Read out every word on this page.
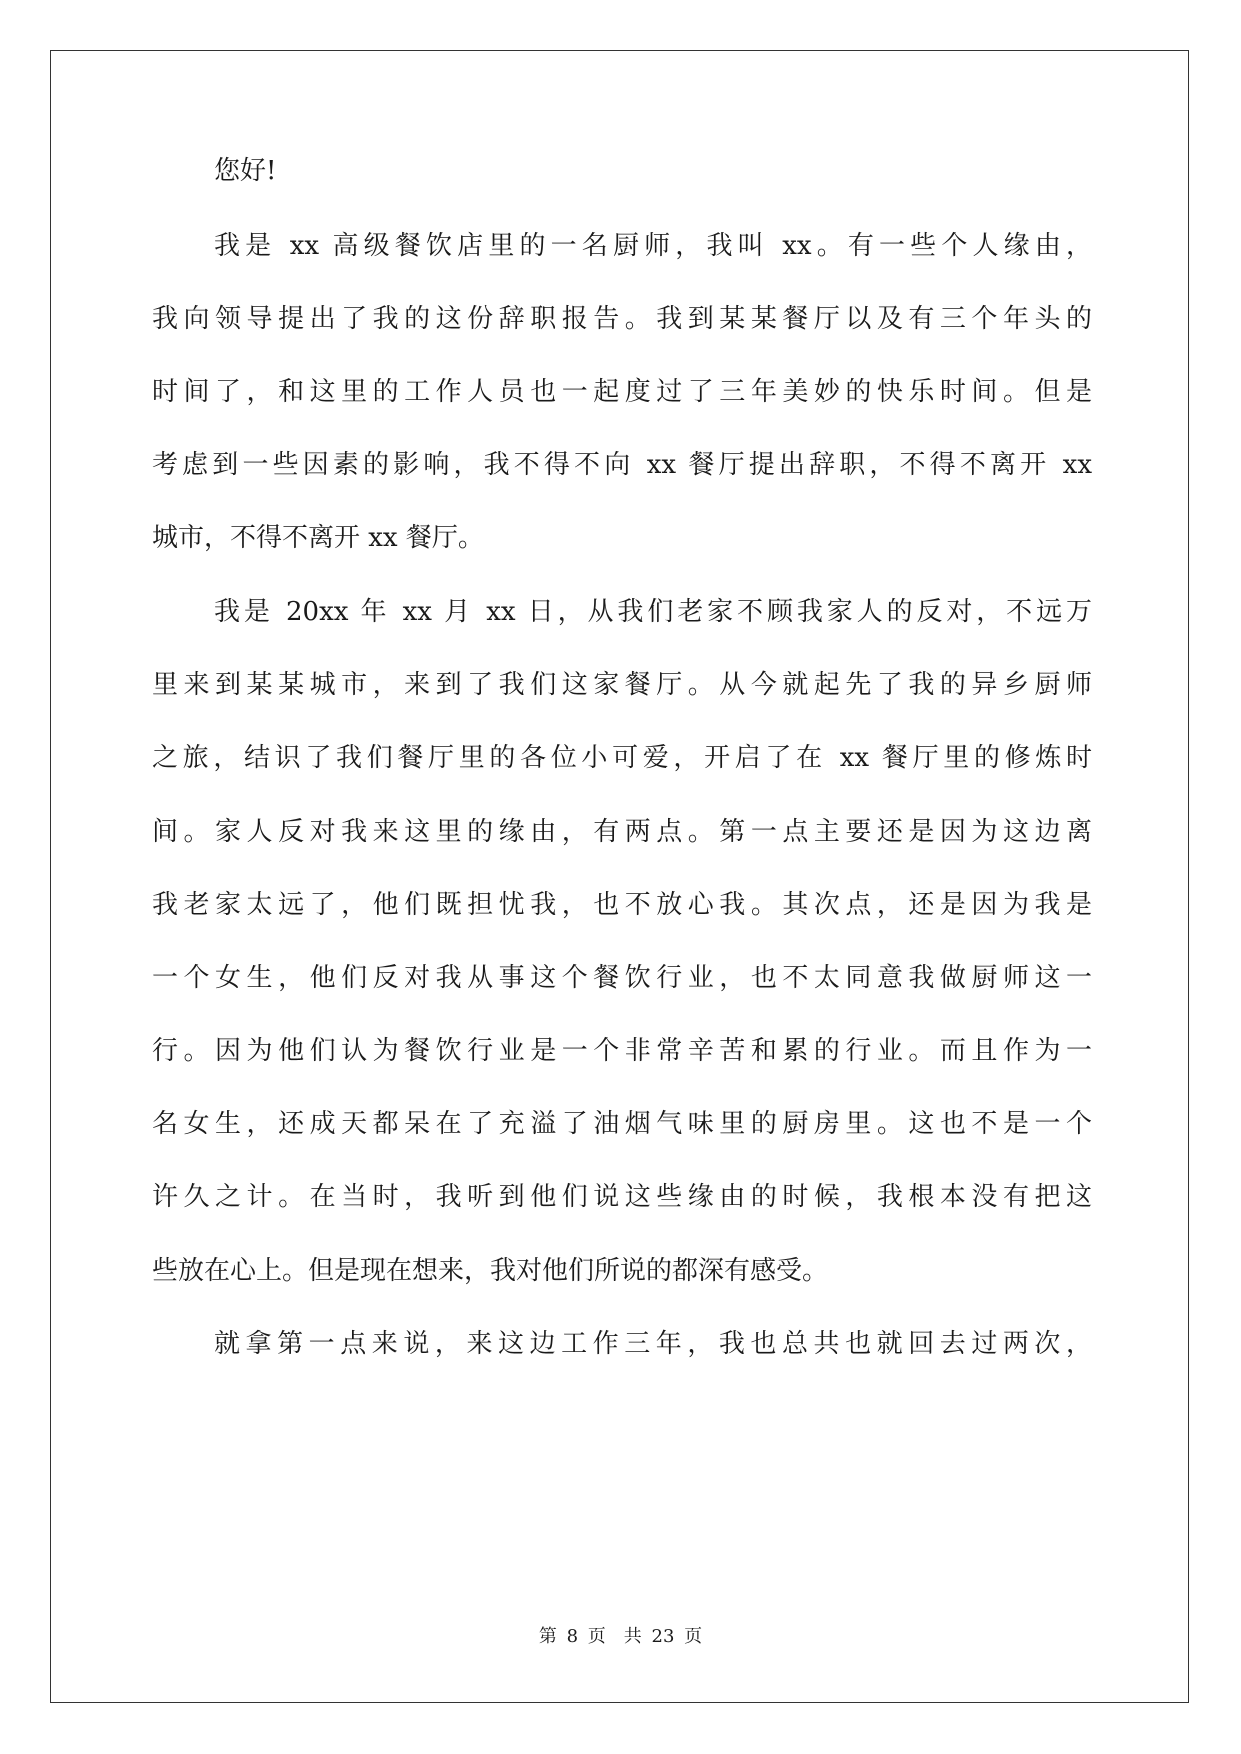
您好!

我是 xx 高级餐饮店里的一名厨师，我叫 xx。有一些个人缘由，

我向领导提出了我的这份辞职报告。我到某某餐厅以及有三个年头的

时间了，和这里的工作人员也一起度过了三年美妙的快乐时间。但是

考虑到一些因素的影响，我不得不向 xx 餐厅提出辞职，不得不离开 xx

城市，不得不离开 xx 餐厅。

我是 20xx 年 xx 月 xx 日，从我们老家不顾我家人的反对，不远万

里来到某某城市，来到了我们这家餐厅。从今就起先了我的异乡厨师

之旅，结识了我们餐厅里的各位小可爱，开启了在 xx 餐厅里的修炼时

间。家人反对我来这里的缘由，有两点。第一点主要还是因为这边离

我老家太远了，他们既担忧我，也不放心我。其次点，还是因为我是

一个女生，他们反对我从事这个餐饮行业，也不太同意我做厨师这一

行。因为他们认为餐饮行业是一个非常辛苦和累的行业。而且作为一

名女生，还成天都呆在了充溢了油烟气味里的厨房里。这也不是一个

许久之计。在当时，我听到他们说这些缘由的时候，我根本没有把这

些放在心上。但是现在想来，我对他们所说的都深有感受。

就拿第一点来说，来这边工作三年，我也总共也就回去过两次，

第 8 页　共 23 页
